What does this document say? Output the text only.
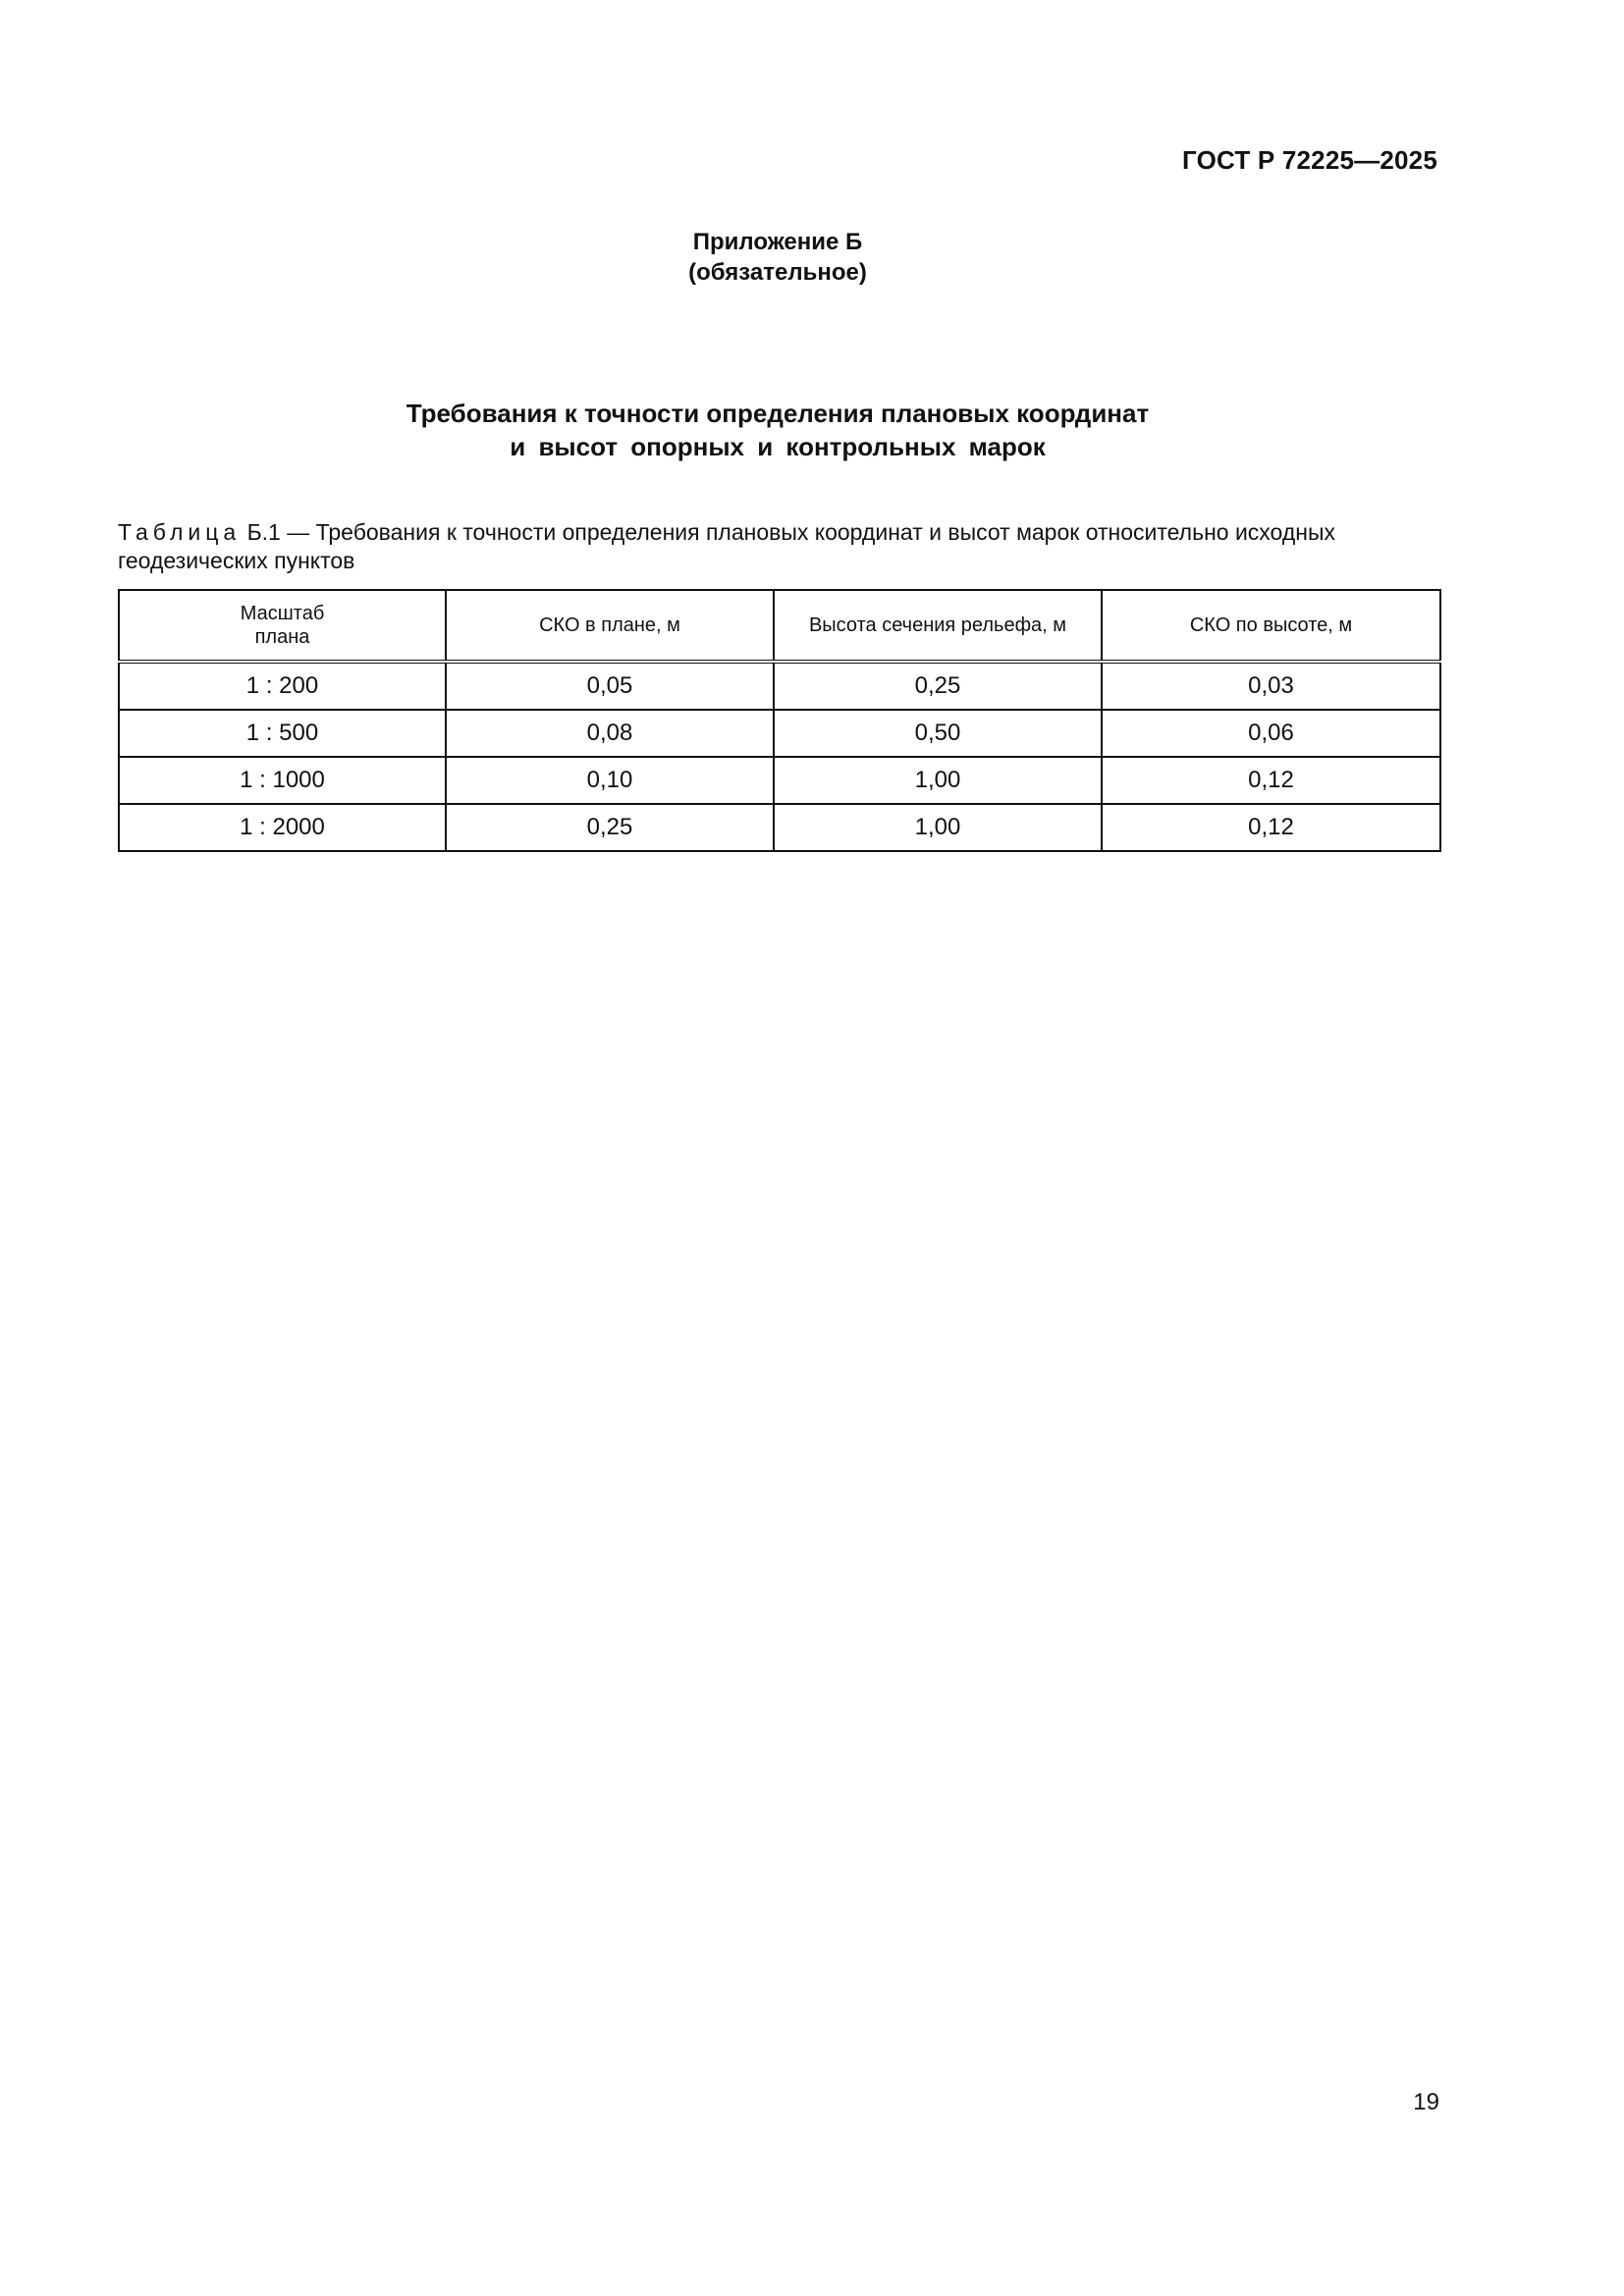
ГОСТ Р 72225—2025
Приложение Б
(обязательное)
Требования к точности определения плановых координат
и высот опорных и контрольных марок
Таблица Б.1 — Требования к точности определения плановых координат и высот марок относительно исходных геодезических пунктов
Масштаб
плана	СКО в плане, м	Высота сечения рельефа, м	СКО по высоте, м
1 : 200	0,05	0,25	0,03
1 : 500	0,08	0,50	0,06
1 : 1000	0,10	1,00	0,12
1 : 2000	0,25	1,00	0,12
19
